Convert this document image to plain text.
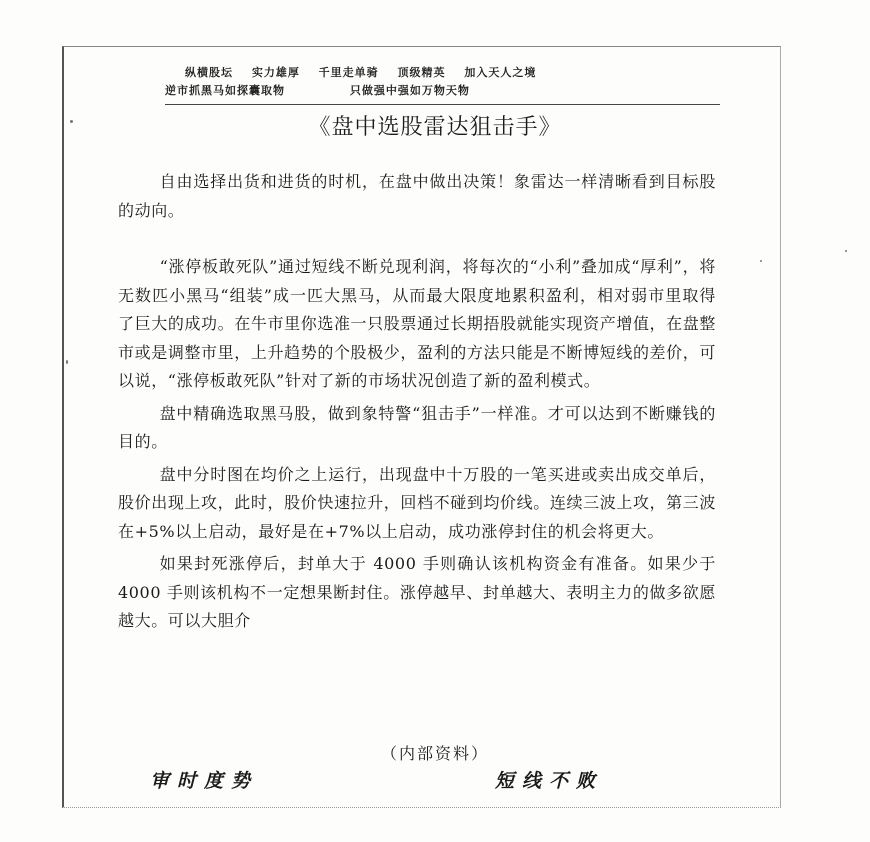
纵横股坛 实力雄厚 千里走单骑 顶级精英 加入天人之境
逆市抓黑马如探囊取物 只做强中强如万物天物
《盘中选股雷达狙击手》

自由选择出货和进货的时机，在盘中做出决策！象雷达一样清晰看到目标股的动向。

“涨停板敢死队”通过短线不断兑现利润，将每次的“小利”叠加成“厚利”，将无数匹小黑马“组装”成一匹大黑马，从而最大限度地累积盈利，相对弱市里取得了巨大的成功。在牛市里你选准一只股票通过长期捂股就能实现资产增值，在盘整市或是调整市里，上升趋势的个股极少，盈利的方法只能是不断博短线的差价，可以说，“涨停板敢死队”针对了新的市场状况创造了新的盈利模式。

盘中精确选取黑马股，做到象特警“狙击手”一样准。才可以达到不断赚钱的目的。

盘中分时图在均价之上运行，出现盘中十万股的一笔买进或卖出成交单后，股价出现上攻，此时，股价快速拉升，回档不碰到均价线。连续三波上攻，第三波在+5%以上启动，最好是在+7%以上启动，成功涨停封住的机会将更大。

如果封死涨停后，封单大于 4000 手则确认该机构资金有准备。如果少于 4000 手则该机构不一定想果断封住。涨停越早、封单越大、表明主力的做多欲愿越大。可以大胆介

（内部资料）
审时度势	短线不败
